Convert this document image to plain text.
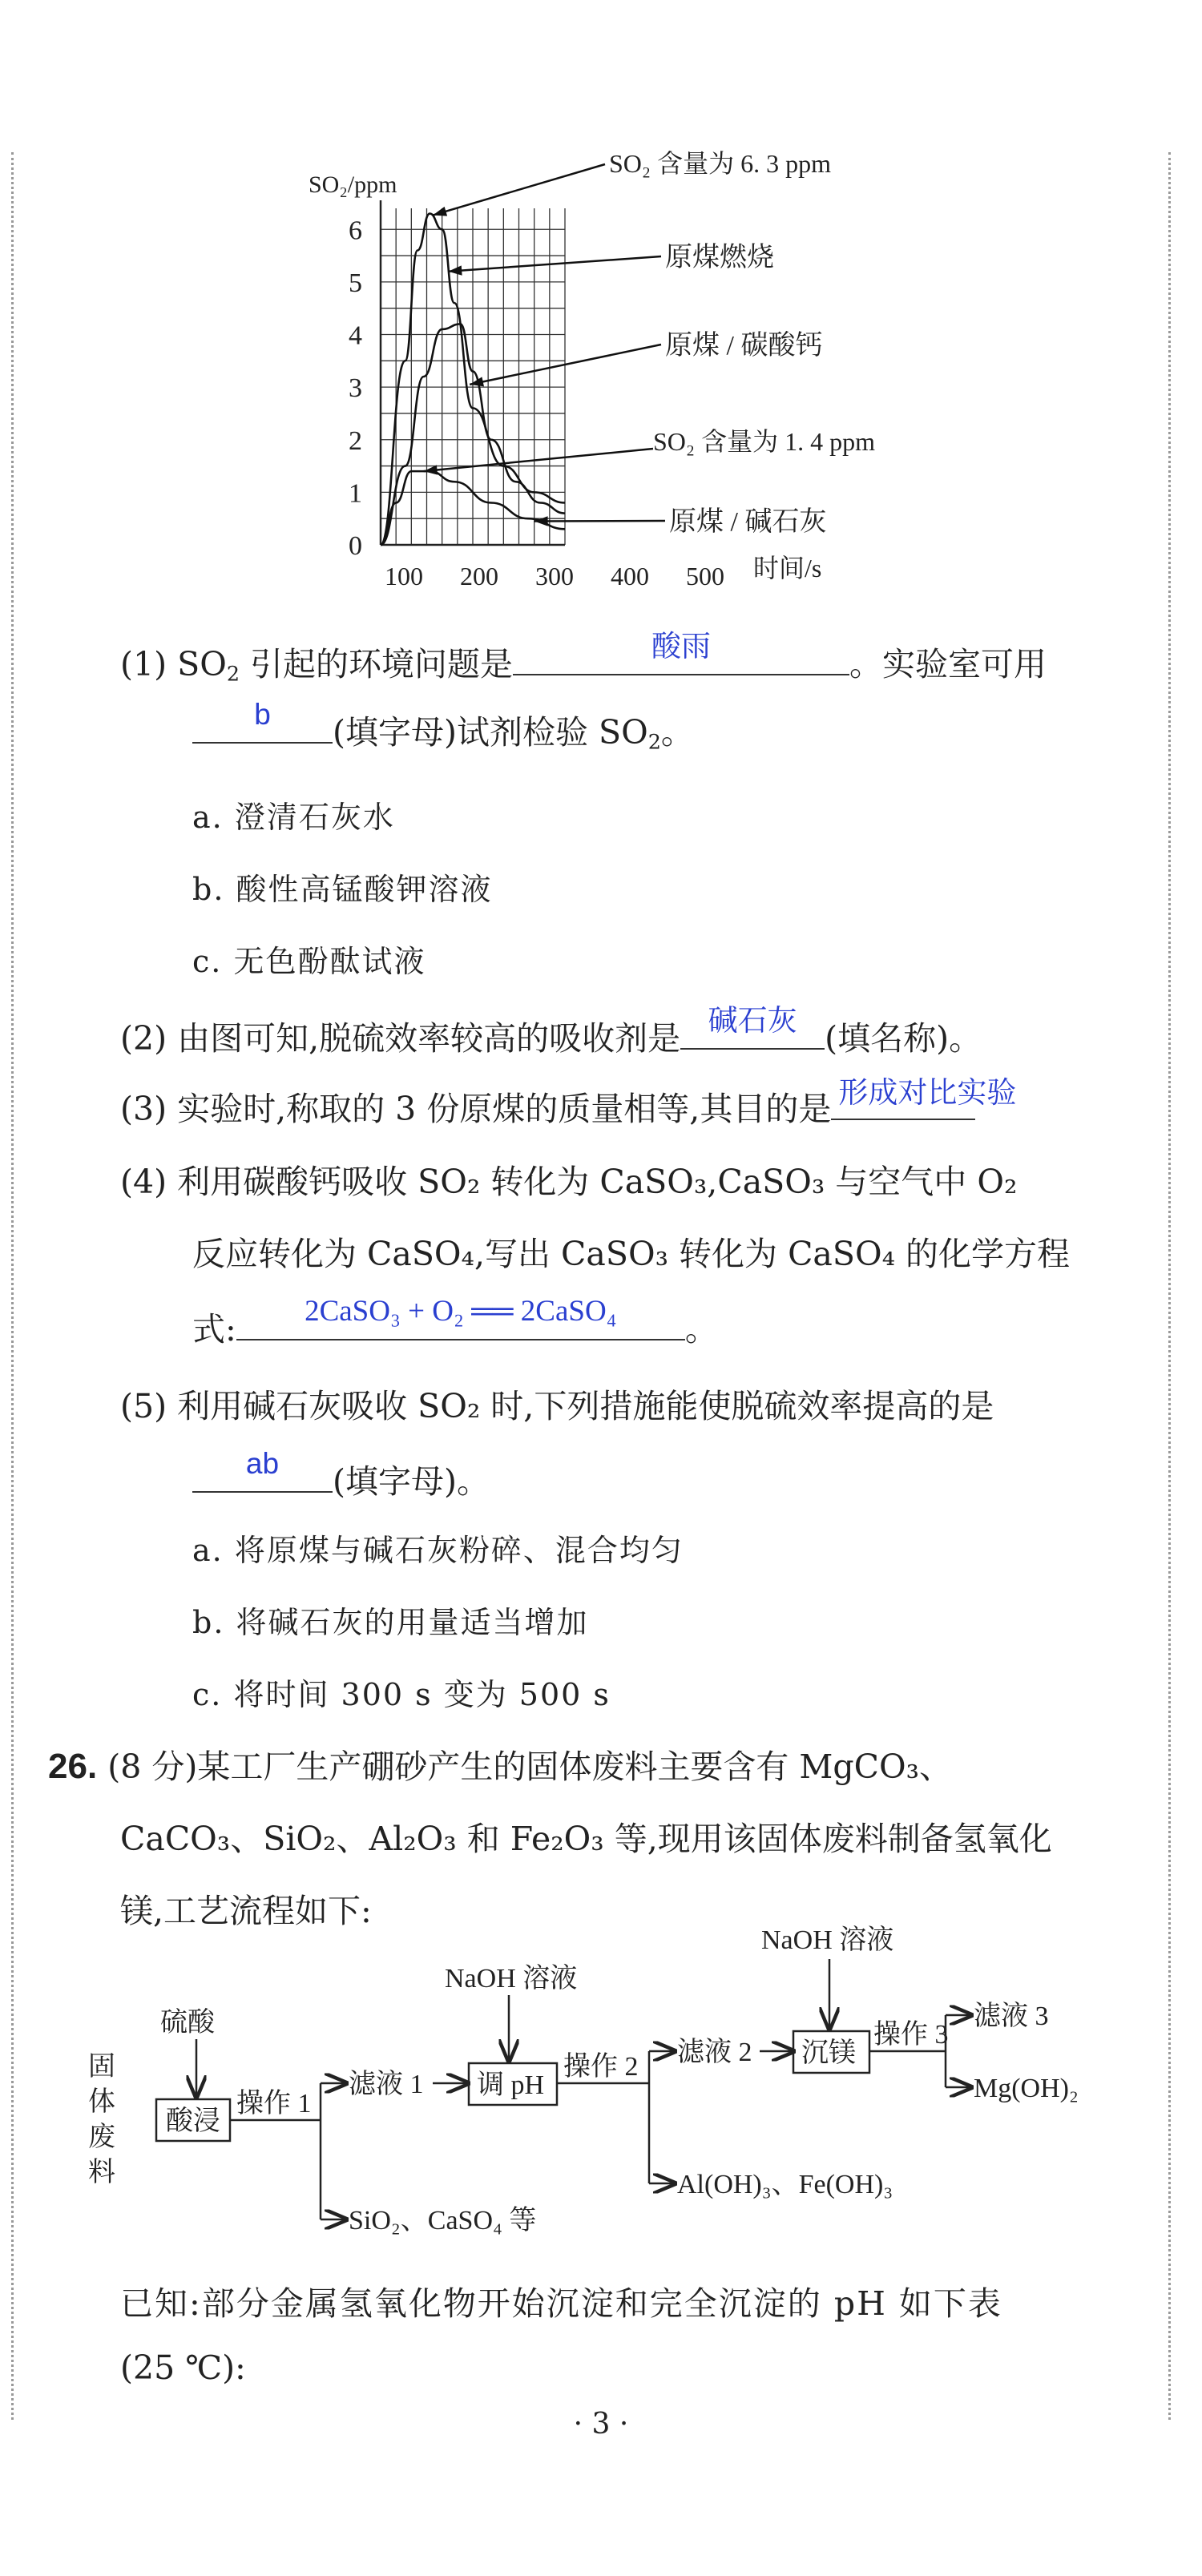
0
1
2
3
4
5
6
SO₂/ppm
100 200 300 400 500 时间/s
SO₂ 含量为 6. 3 ppm
原煤燃烧
原煤 / 碳酸钙
SO₂ 含量为 1. 4 ppm
原煤 / 碱石灰
(1) $SO_2$ 引起的环境问题是	酸雨	。实验室可用
b	(填字母)试剂检验 $SO_2$。
a. 澄清石灰水
b. 酸性高锰酸钾溶液
c. 无色酚酞试液
(2) 由图可知,脱硫效率较高的吸收剂是 碱石灰 (填名称)。
(3) 实验时,称取的 3 份原煤的质量相等,其目的是 形成对比实验
(4) 利用碳酸钙吸收 SO₂ 转化为 CaSO₃,CaSO₃ 与空气中 O₂
反应转化为 CaSO₄,写出 CaSO₃ 转化为 CaSO₄ 的化学方程
式:	2CaSO₃ + O₂ ══ 2CaSO₄	。
(5) 利用碱石灰吸收 SO₂ 时,下列措施能使脱硫效率提高的是
ab	(填字母)。
a. 将原煤与碱石灰粉碎、混合均匀
b. 将碱石灰的用量适当增加
c. 将时间 300 s 变为 500 s
26. (8 分)某工厂生产硼砂产生的固体废料主要含有 MgCO₃、
CaCO₃、SiO₂、Al₂O₃ 和 Fe₂O₃ 等,现用该固体废料制备氢氧化
镁,工艺流程如下:
固体废料
硫酸
酸浸
操作 1
滤液 1
SiO₂、CaSO₄ 等
NaOH 溶液
调 pH
操作 2 滤液 2
Al(OH)₃、Fe(OH)₃
NaOH 溶液
沉镁
操作 3
滤液 3
Mg(OH)₂
已知:部分金属氢氧化物开始沉淀和完全沉淀的 pH 如下表
(25 ℃):
· 3 ·
